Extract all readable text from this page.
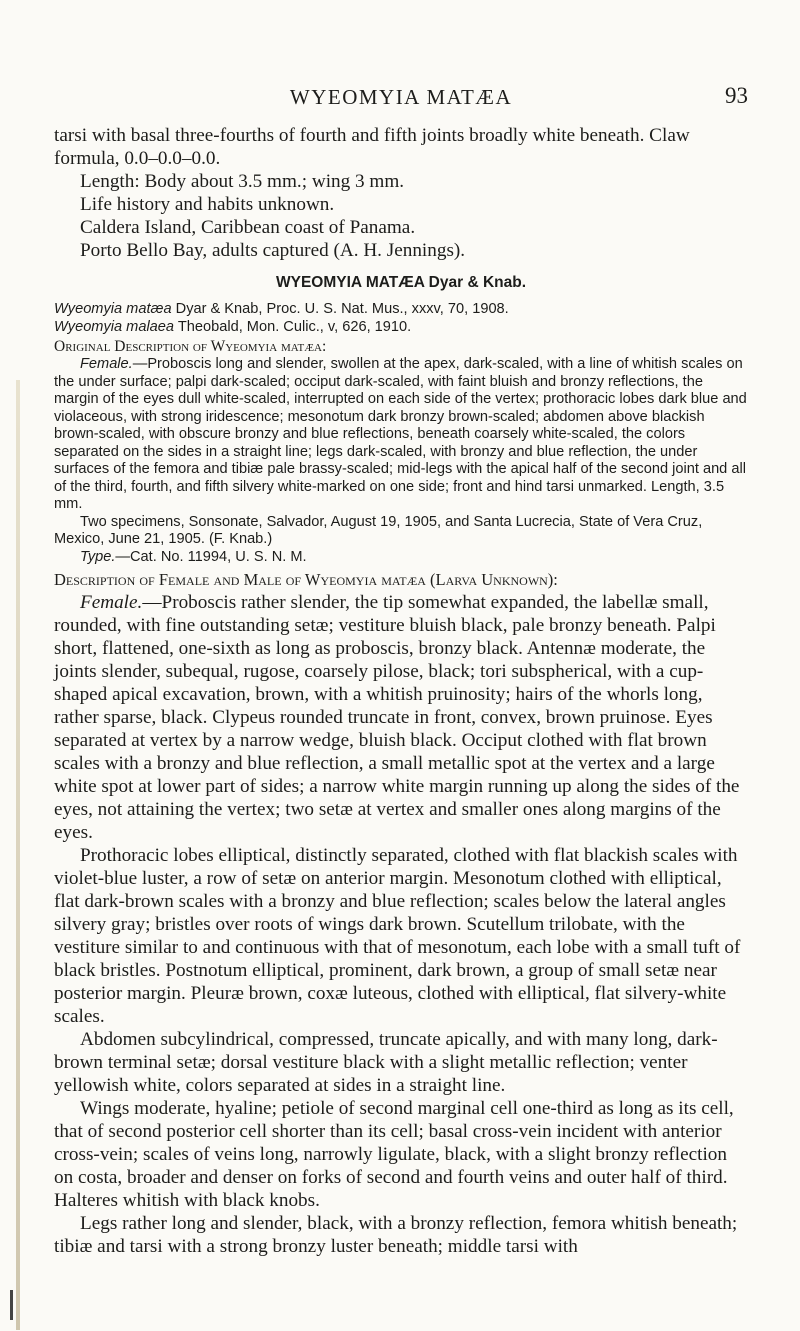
WYEOMYIA MATÆA	93

tarsi with basal three-fourths of fourth and fifth joints broadly white beneath. Claw formula, 0.0–0.0–0.0.

Length: Body about 3.5 mm.; wing 3 mm.

Life history and habits unknown.

Caldera Island, Caribbean coast of Panama.

Porto Bello Bay, adults captured (A. H. Jennings).

WYEOMYIA MATÆA Dyar & Knab.

Wyeomyia matæa Dyar & Knab, Proc. U. S. Nat. Mus., xxxv, 70, 1908.

Wyeomyia malaea Theobald, Mon. Culic., v, 626, 1910.

Original Description of Wyeomyia matæa:

Female.—Proboscis long and slender, swollen at the apex, dark-scaled, with a line of whitish scales on the under surface; palpi dark-scaled; occiput dark-scaled, with faint bluish and bronzy reflections, the margin of the eyes dull white-scaled, interrupted on each side of the vertex; prothoracic lobes dark blue and violaceous, with strong iridescence; mesonotum dark bronzy brown-scaled; abdomen above blackish brown-scaled, with obscure bronzy and blue reflections, beneath coarsely white-scaled, the colors separated on the sides in a straight line; legs dark-scaled, with bronzy and blue reflection, the under surfaces of the femora and tibiæ pale brassy-scaled; mid-legs with the apical half of the second joint and all of the third, fourth, and fifth silvery white-marked on one side; front and hind tarsi unmarked. Length, 3.5 mm.

Two specimens, Sonsonate, Salvador, August 19, 1905, and Santa Lucrecia, State of Vera Cruz, Mexico, June 21, 1905. (F. Knab.)

Type.—Cat. No. 11994, U. S. N. M.

Description of Female and Male of Wyeomyia matæa (Larva Unknown):

Female.—Proboscis rather slender, the tip somewhat expanded, the labellæ small, rounded, with fine outstanding setæ; vestiture bluish black, pale bronzy beneath. Palpi short, flattened, one-sixth as long as proboscis, bronzy black. Antennæ moderate, the joints slender, subequal, rugose, coarsely pilose, black; tori subspherical, with a cup-shaped apical excavation, brown, with a whitish pruinosity; hairs of the whorls long, rather sparse, black. Clypeus rounded truncate in front, convex, brown pruinose. Eyes separated at vertex by a narrow wedge, bluish black. Occiput clothed with flat brown scales with a bronzy and blue reflection, a small metallic spot at the vertex and a large white spot at lower part of sides; a narrow white margin running up along the sides of the eyes, not attaining the vertex; two setæ at vertex and smaller ones along margins of the eyes.

Prothoracic lobes elliptical, distinctly separated, clothed with flat blackish scales with violet-blue luster, a row of setæ on anterior margin. Mesonotum clothed with elliptical, flat dark-brown scales with a bronzy and blue reflection; scales below the lateral angles silvery gray; bristles over roots of wings dark brown. Scutellum trilobate, with the vestiture similar to and continuous with that of mesonotum, each lobe with a small tuft of black bristles. Postnotum elliptical, prominent, dark brown, a group of small setæ near posterior margin. Pleuræ brown, coxæ luteous, clothed with elliptical, flat silvery-white scales.

Abdomen subcylindrical, compressed, truncate apically, and with many long, dark-brown terminal setæ; dorsal vestiture black with a slight metallic reflection; venter yellowish white, colors separated at sides in a straight line.

Wings moderate, hyaline; petiole of second marginal cell one-third as long as its cell, that of second posterior cell shorter than its cell; basal cross-vein incident with anterior cross-vein; scales of veins long, narrowly ligulate, black, with a slight bronzy reflection on costa, broader and denser on forks of second and fourth veins and outer half of third. Halteres whitish with black knobs.

Legs rather long and slender, black, with a bronzy reflection, femora whitish beneath; tibiæ and tarsi with a strong bronzy luster beneath; middle tarsi with
